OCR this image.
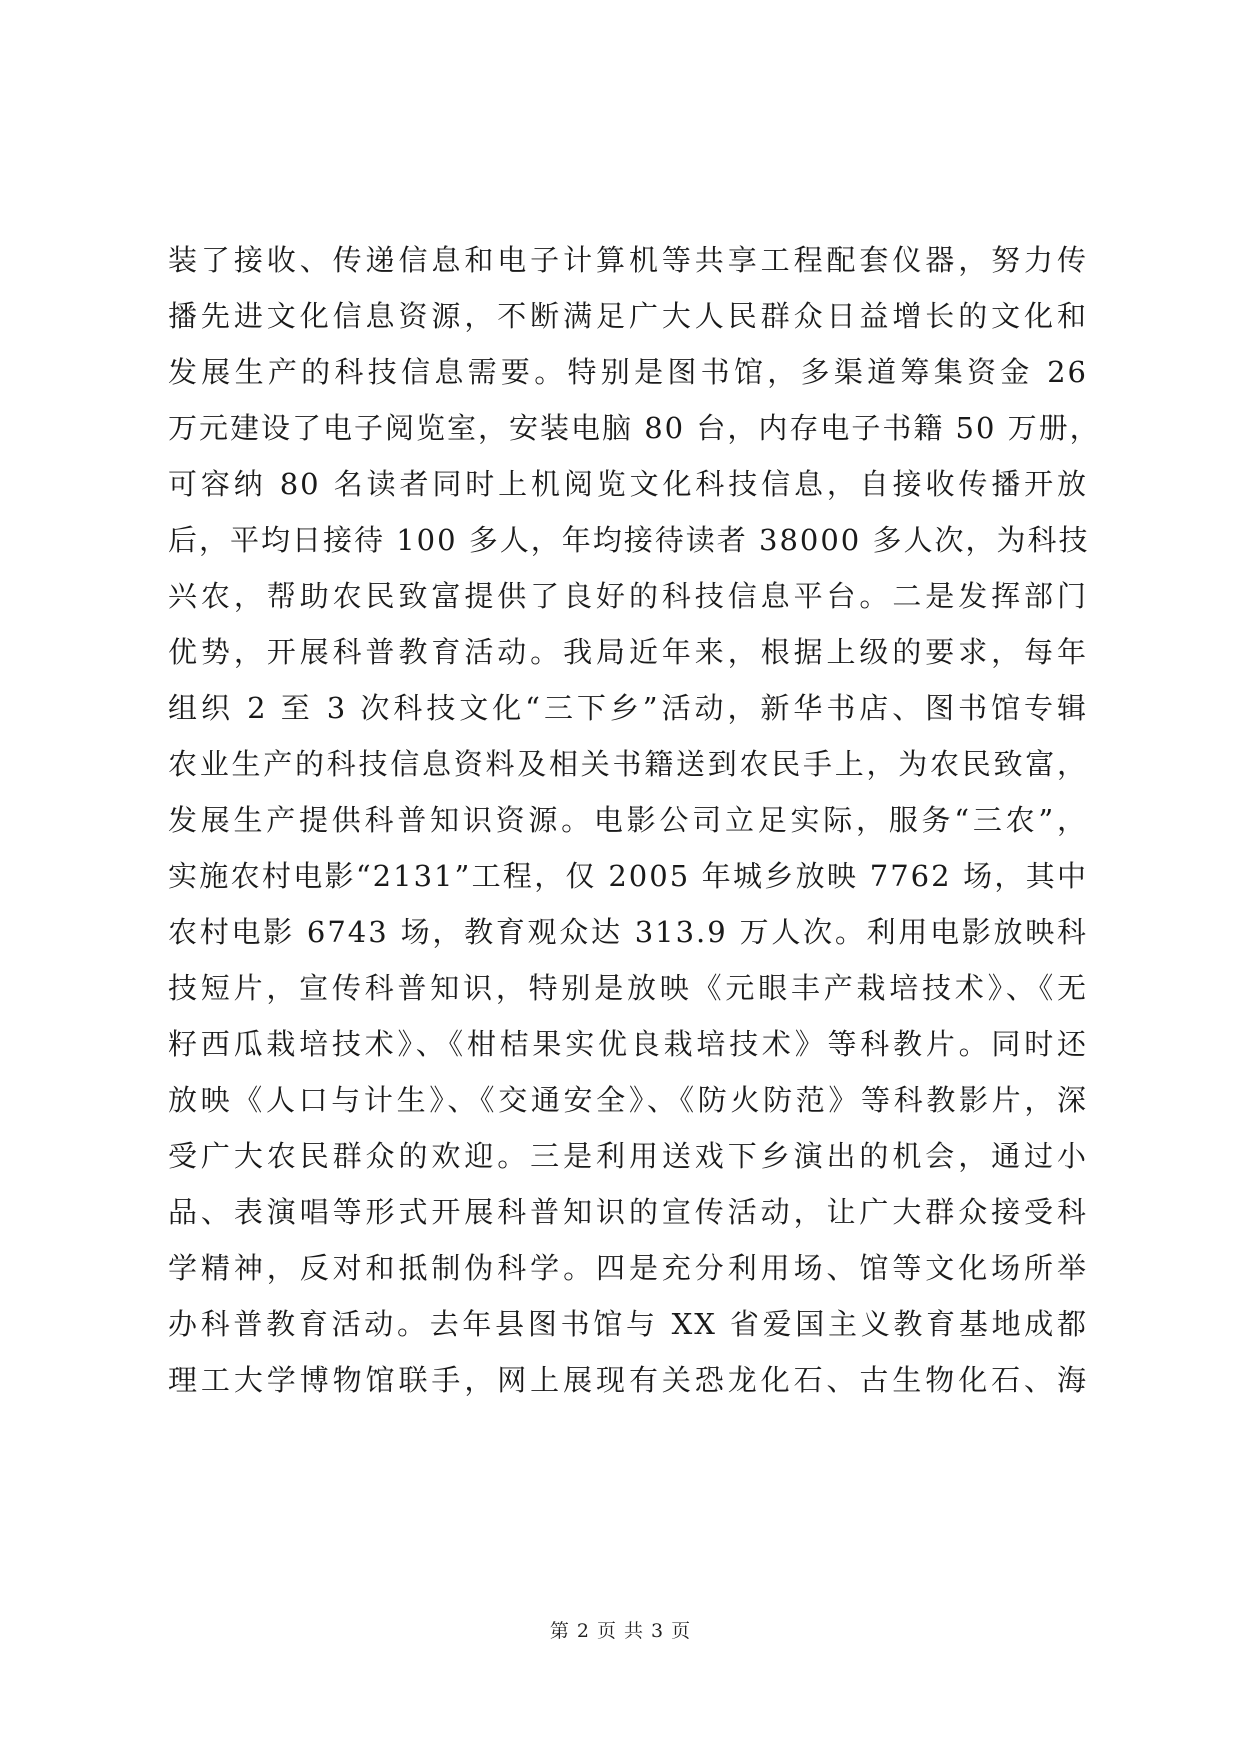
装了接收、传递信息和电子计算机等共享工程配套仪器，努力传
播先进文化信息资源，不断满足广大人民群众日益增长的文化和
发展生产的科技信息需要。特别是图书馆，多渠道筹集资金 26
万元建设了电子阅览室，安装电脑 80 台，内存电子书籍 50 万册，
可容纳 80 名读者同时上机阅览文化科技信息，自接收传播开放
后，平均日接待 100 多人，年均接待读者 38000 多人次，为科技
兴农，帮助农民致富提供了良好的科技信息平台。二是发挥部门
优势，开展科普教育活动。我局近年来，根据上级的要求，每年
组织 2 至 3 次科技文化“三下乡”活动，新华书店、图书馆专辑
农业生产的科技信息资料及相关书籍送到农民手上，为农民致富，
发展生产提供科普知识资源。电影公司立足实际，服务“三农”，
实施农村电影“2131”工程，仅 2005 年城乡放映 7762 场，其中
农村电影 6743 场，教育观众达 313.9 万人次。利用电影放映科
技短片，宣传科普知识，特别是放映《元眼丰产栽培技术》、《无
籽西瓜栽培技术》、《柑桔果实优良栽培技术》等科教片。同时还
放映《人口与计生》、《交通安全》、《防火防范》等科教影片，深
受广大农民群众的欢迎。三是利用送戏下乡演出的机会，通过小
品、表演唱等形式开展科普知识的宣传活动，让广大群众接受科
学精神，反对和抵制伪科学。四是充分利用场、馆等文化场所举
办科普教育活动。去年县图书馆与 XX 省爱国主义教育基地成都
理工大学博物馆联手，网上展现有关恐龙化石、古生物化石、海
第 2 页 共 3 页
